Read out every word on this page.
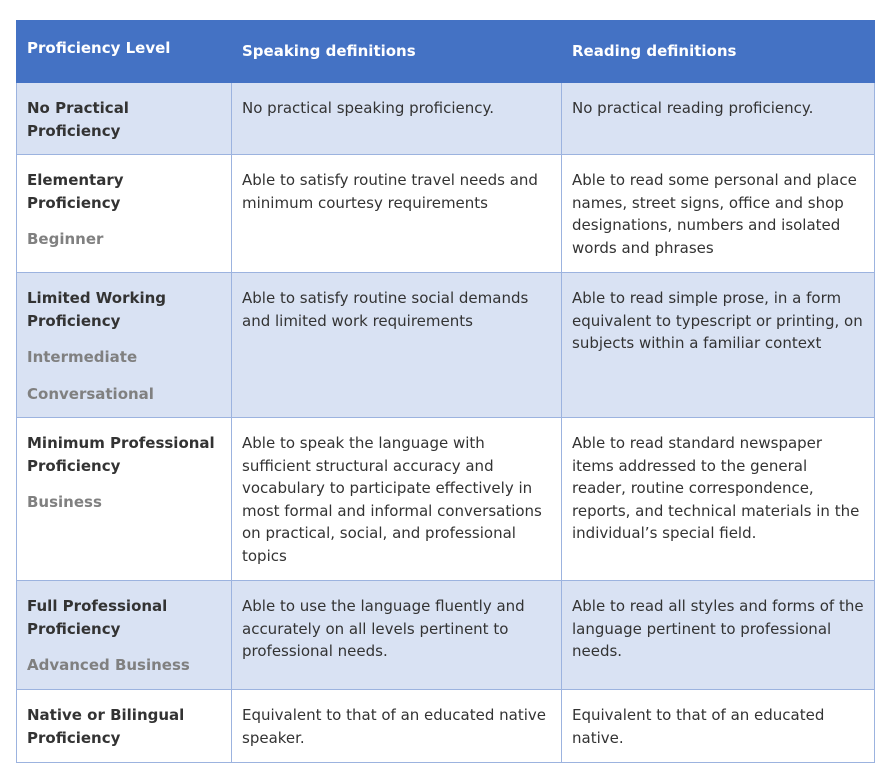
Proficiency Level	Speaking definitions	Reading definitions

No Practical Proficiency	No practical speaking proficiency.	No practical reading proficiency.

Elementary Proficiency
Beginner	Able to satisfy routine travel needs and minimum courtesy requirements	Able to read some personal and place names, street signs, office and shop designations, numbers and isolated words and phrases

Limited Working Proficiency
Intermediate
Conversational	Able to satisfy routine social demands and limited work requirements	Able to read simple prose, in a form equivalent to typescript or printing, on subjects within a familiar context

Minimum Professional Proficiency
Business	Able to speak the language with sufficient structural accuracy and vocabulary to participate effectively in most formal and informal conversations on practical, social, and professional topics	Able to read standard newspaper items addressed to the general reader, routine correspondence, reports, and technical materials in the individual’s special field.

Full Professional Proficiency
Advanced Business	Able to use the language fluently and accurately on all levels pertinent to professional needs.	Able to read all styles and forms of the language pertinent to professional needs.

Native or Bilingual Proficiency	Equivalent to that of an educated native speaker.	Equivalent to that of an educated native.
